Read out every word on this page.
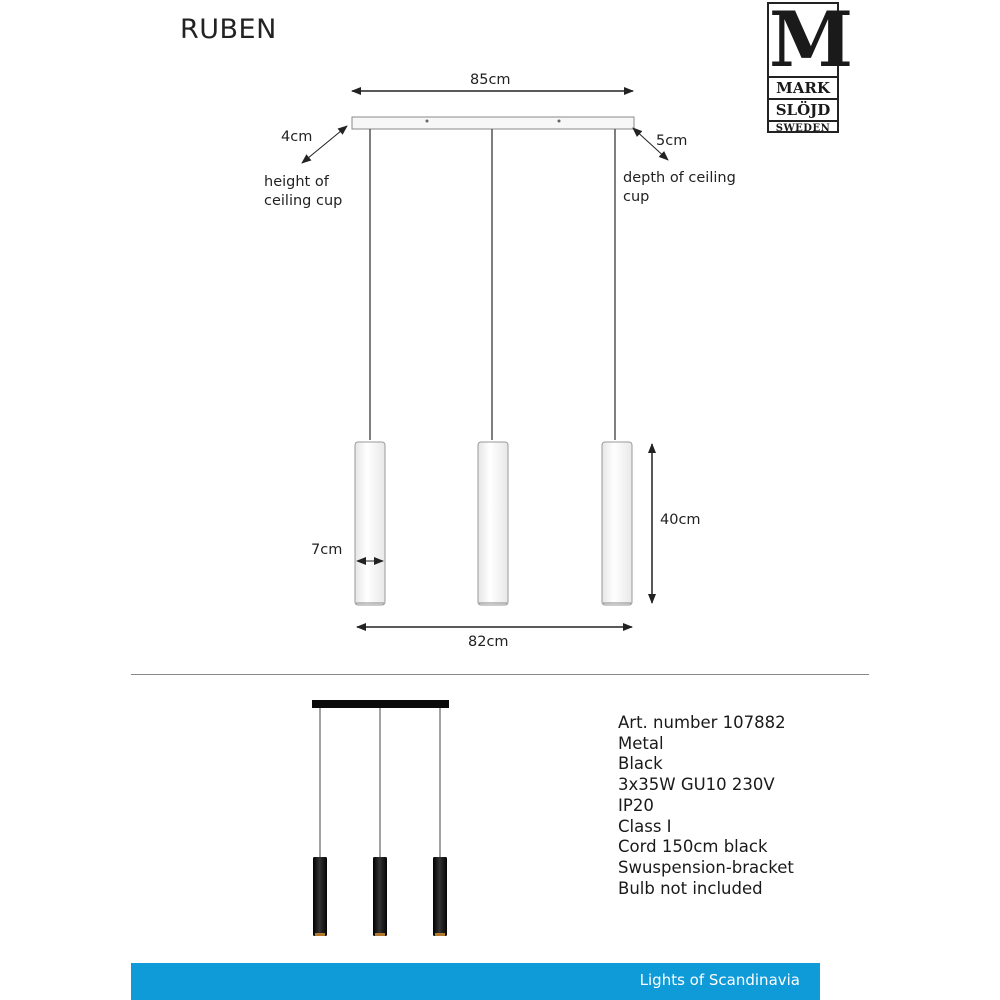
RUBEN	M
MARK
SLÖJD
SWEDEN
85cm
4cm
height of
ceiling cup
5cm
depth of ceiling
cup
7cm
40cm
82cm
Art. number 107882
Metal
Black
3x35W GU10 230V
IP20
Class I
Cord 150cm black
Swuspension-bracket
Bulb not included
Lights of Scandinavia
